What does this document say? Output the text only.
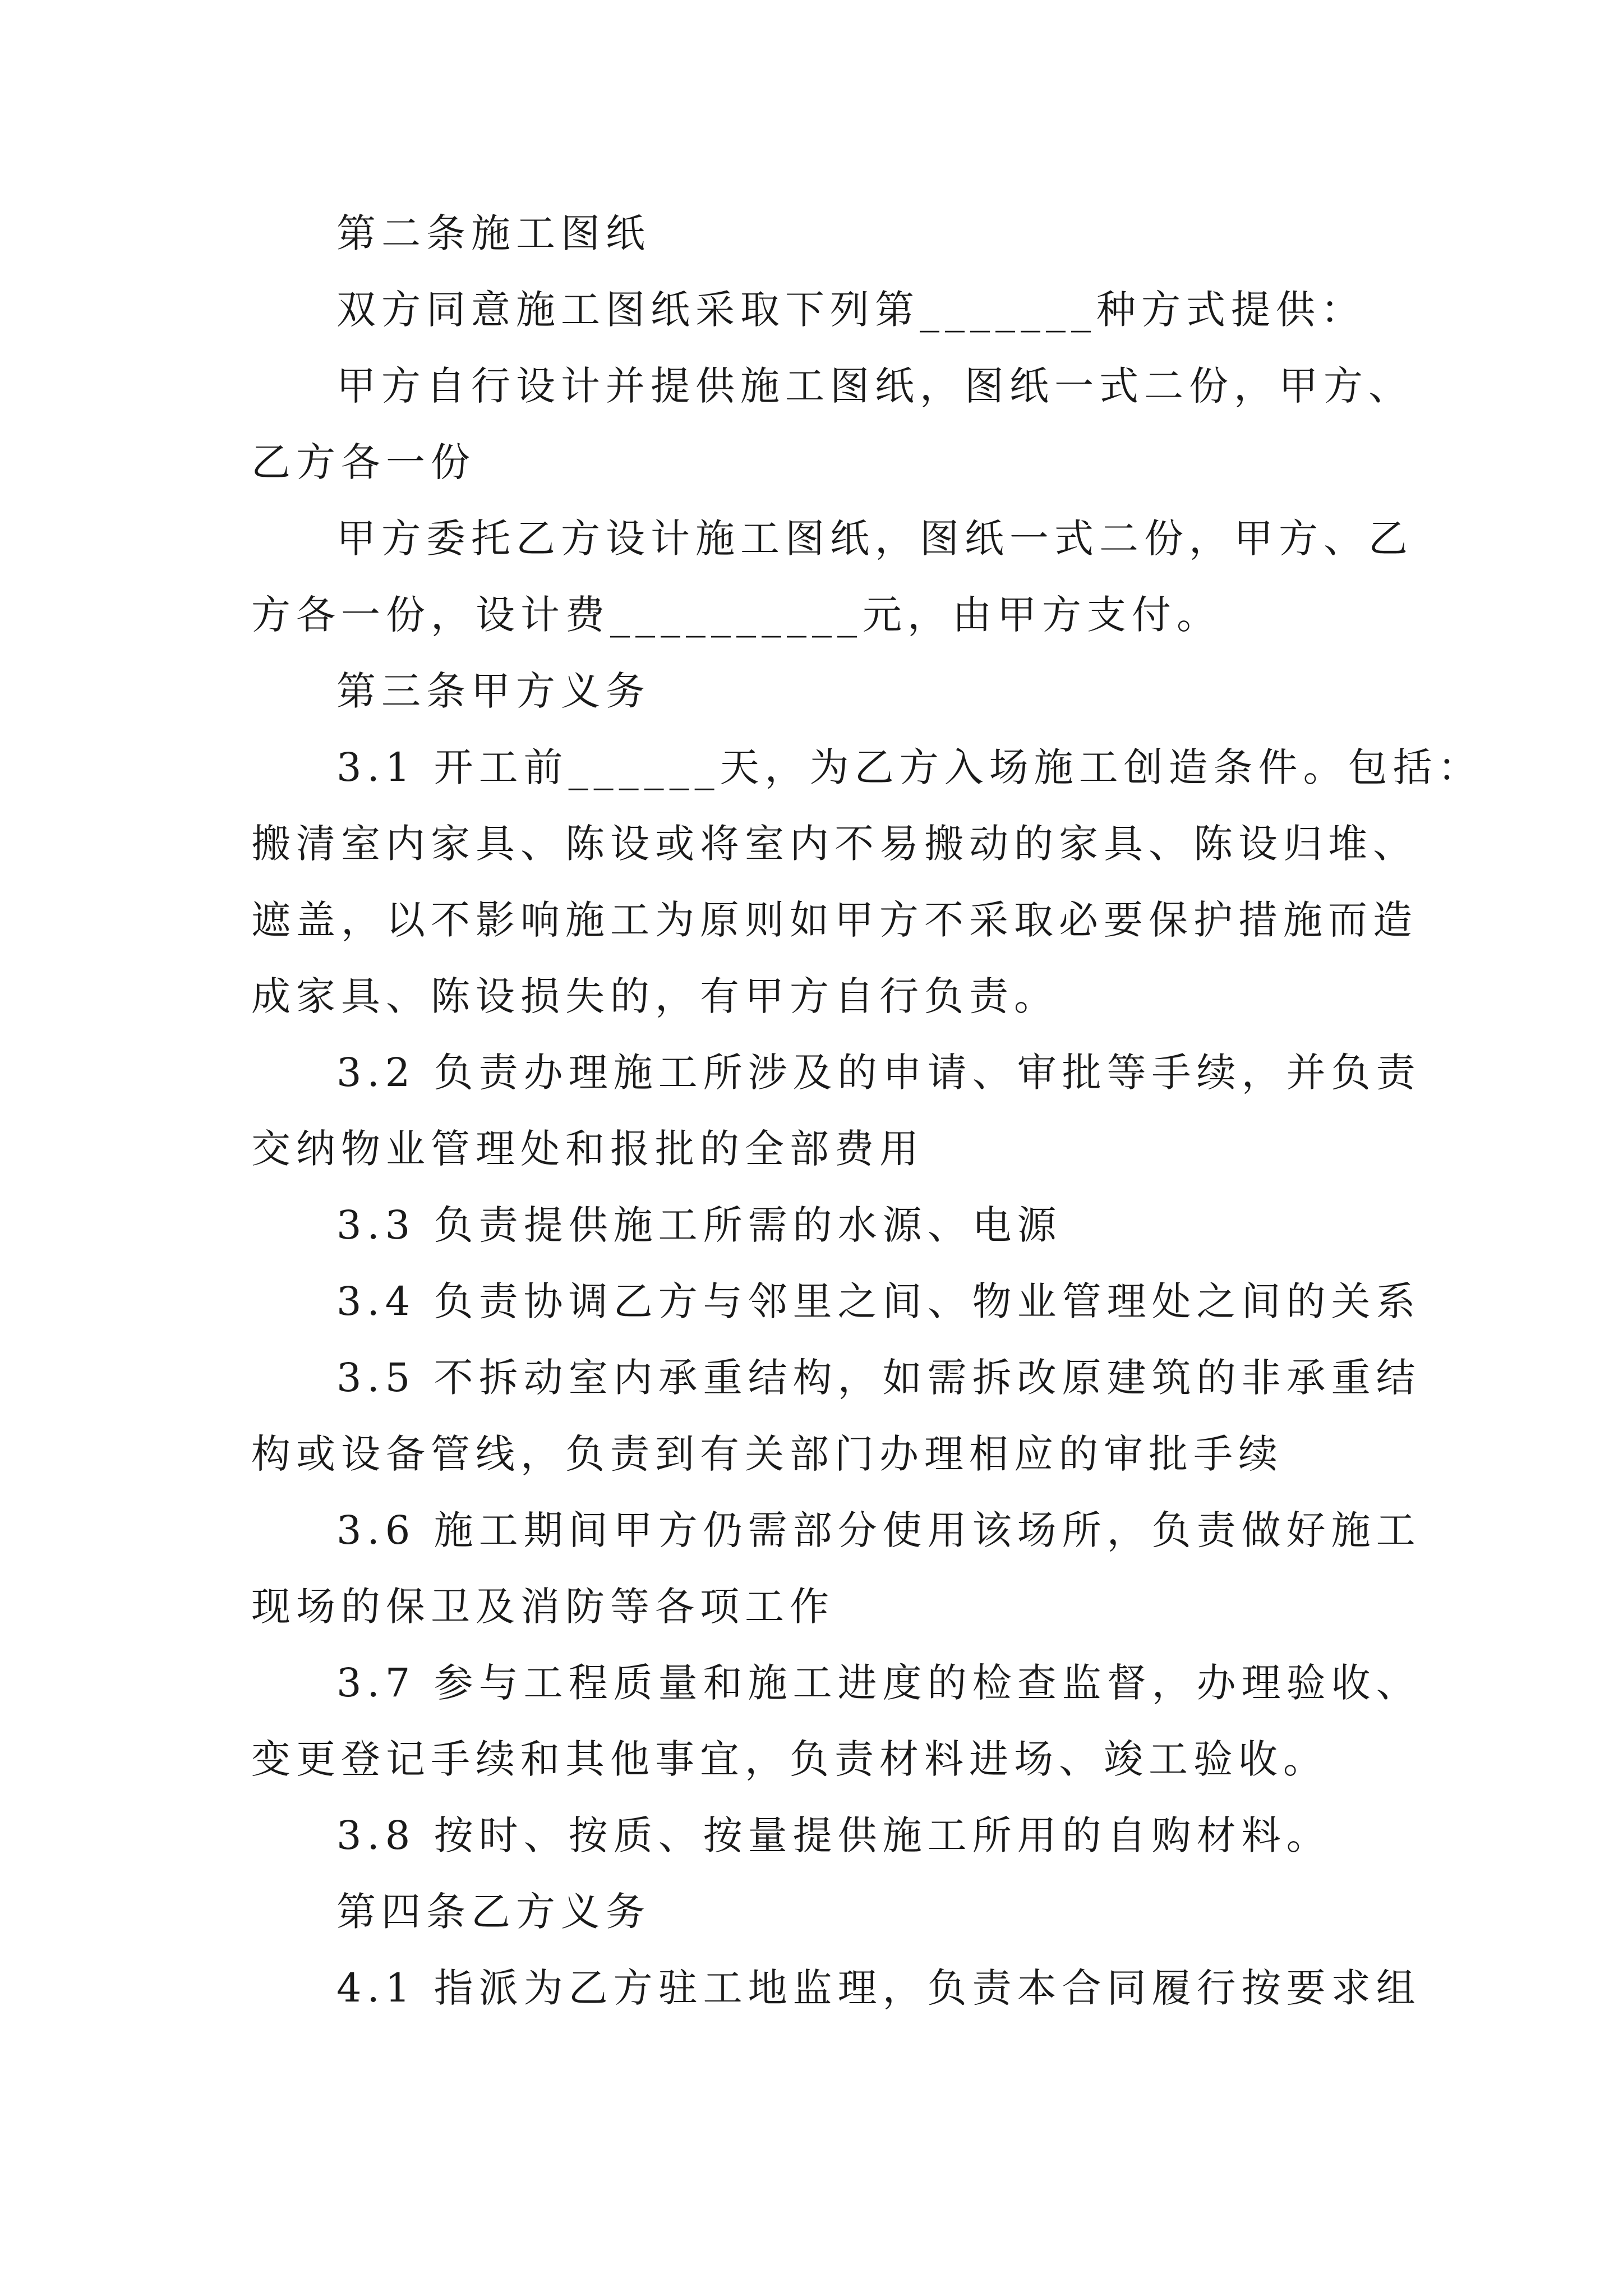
第二条施工图纸
双方同意施工图纸采取下列第_______种方式提供：
甲方自行设计并提供施工图纸，图纸一式二份，甲方、
乙方各一份
甲方委托乙方设计施工图纸，图纸一式二份，甲方、乙
方各一份，设计费__________元，由甲方支付。
第三条甲方义务
3.1 开工前______天，为乙方入场施工创造条件。包括：
搬清室内家具、陈设或将室内不易搬动的家具、陈设归堆、
遮盖，以不影响施工为原则如甲方不采取必要保护措施而造
成家具、陈设损失的，有甲方自行负责。
3.2 负责办理施工所涉及的申请、审批等手续，并负责
交纳物业管理处和报批的全部费用
3.3 负责提供施工所需的水源、电源
3.4 负责协调乙方与邻里之间、物业管理处之间的关系
3.5 不拆动室内承重结构，如需拆改原建筑的非承重结
构或设备管线，负责到有关部门办理相应的审批手续
3.6 施工期间甲方仍需部分使用该场所，负责做好施工
现场的保卫及消防等各项工作
3.7 参与工程质量和施工进度的检查监督，办理验收、
变更登记手续和其他事宜，负责材料进场、竣工验收。
3.8 按时、按质、按量提供施工所用的自购材料。
第四条乙方义务
4.1 指派为乙方驻工地监理，负责本合同履行按要求组
